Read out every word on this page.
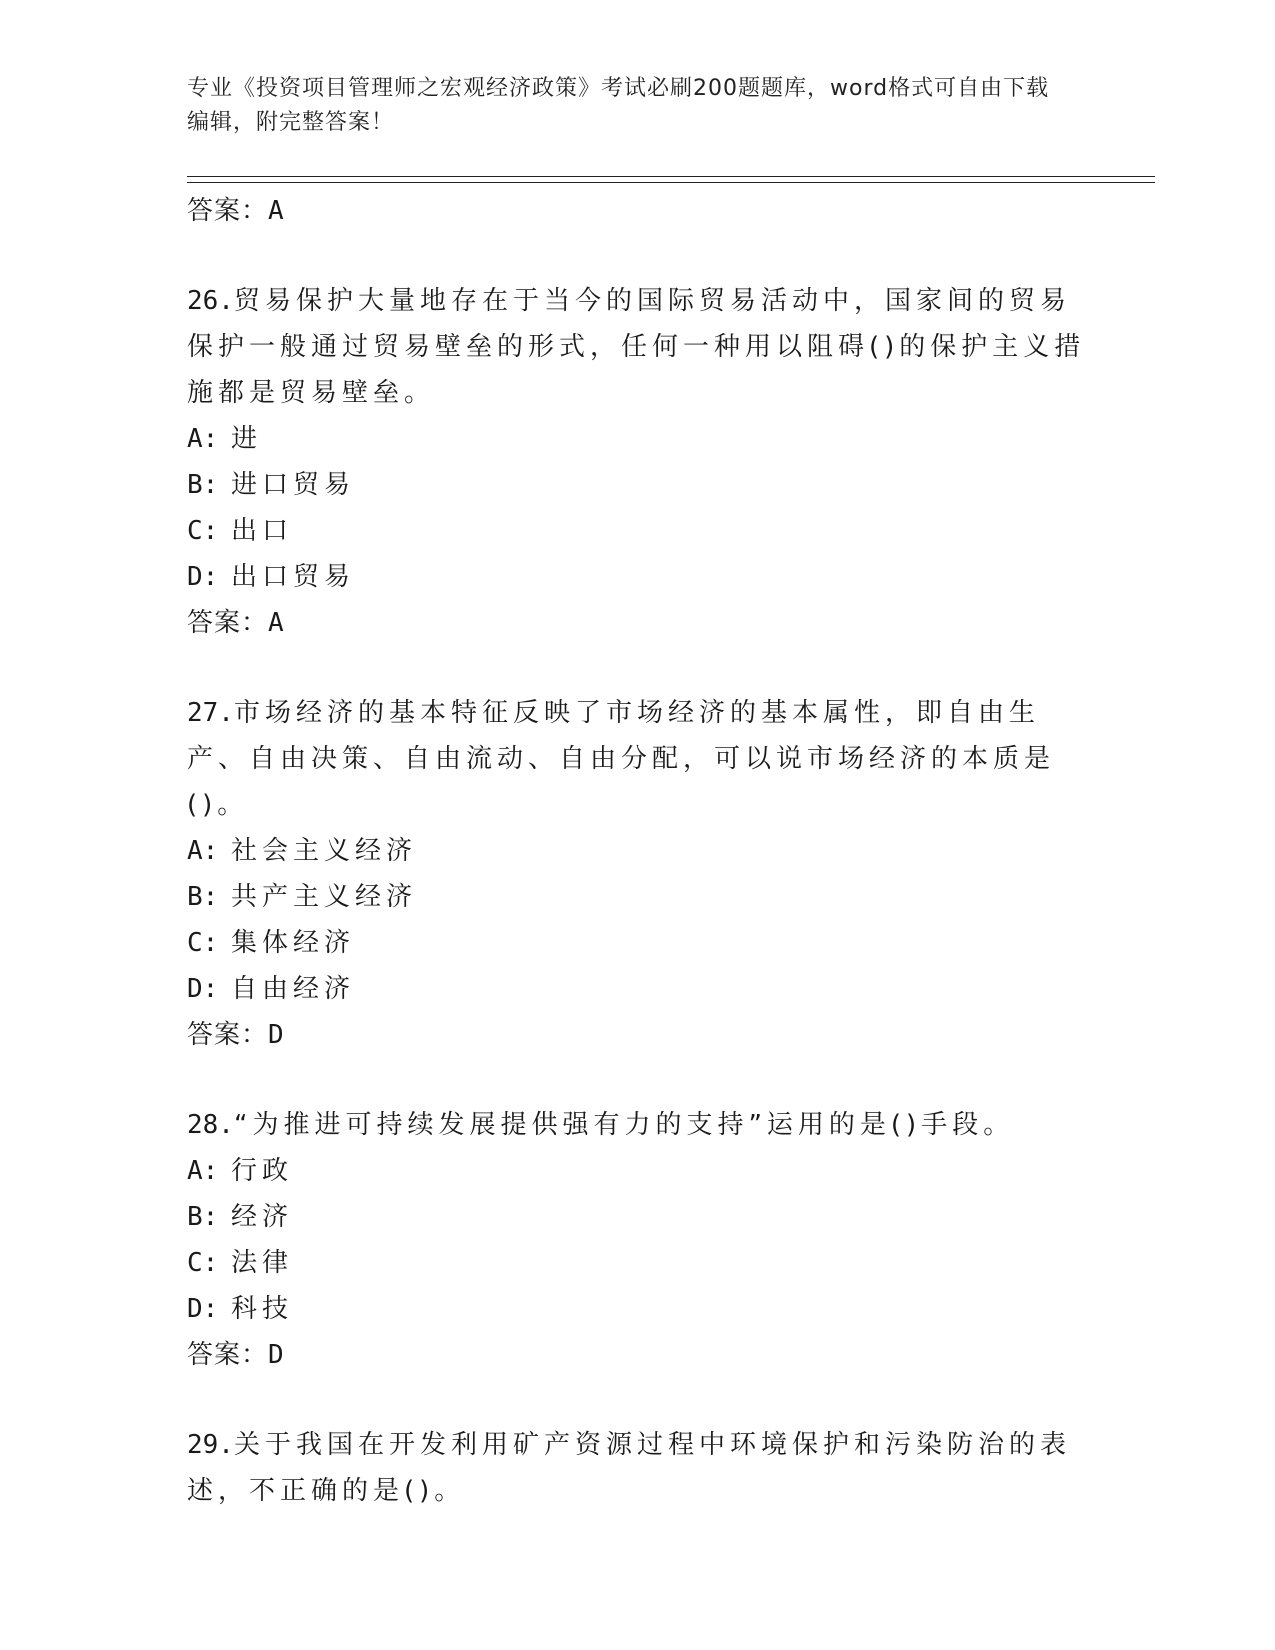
专业《投资项目管理师之宏观经济政策》考试必刷200题题库，word格式可自由下载编辑，附完整答案！
答案：A

26.贸易保护大量地存在于当今的国际贸易活动中，国家间的贸易保护一般通过贸易壁垒的形式，任何一种用以阻碍()的保护主义措施都是贸易壁垒。

A: 进
B: 进口贸易
C: 出口
D: 出口贸易
答案：A

27.市场经济的基本特征反映了市场经济的基本属性，即自由生产、自由决策、自由流动、自由分配，可以说市场经济的本质是()。

A: 社会主义经济
B: 共产主义经济
C: 集体经济
D: 自由经济
答案：D

28.“为推进可持续发展提供强有力的支持”运用的是()手段。

A: 行政
B: 经济
C: 法律
D: 科技
答案：D

29.关于我国在开发利用矿产资源过程中环境保护和污染防治的表述，不正确的是()。
